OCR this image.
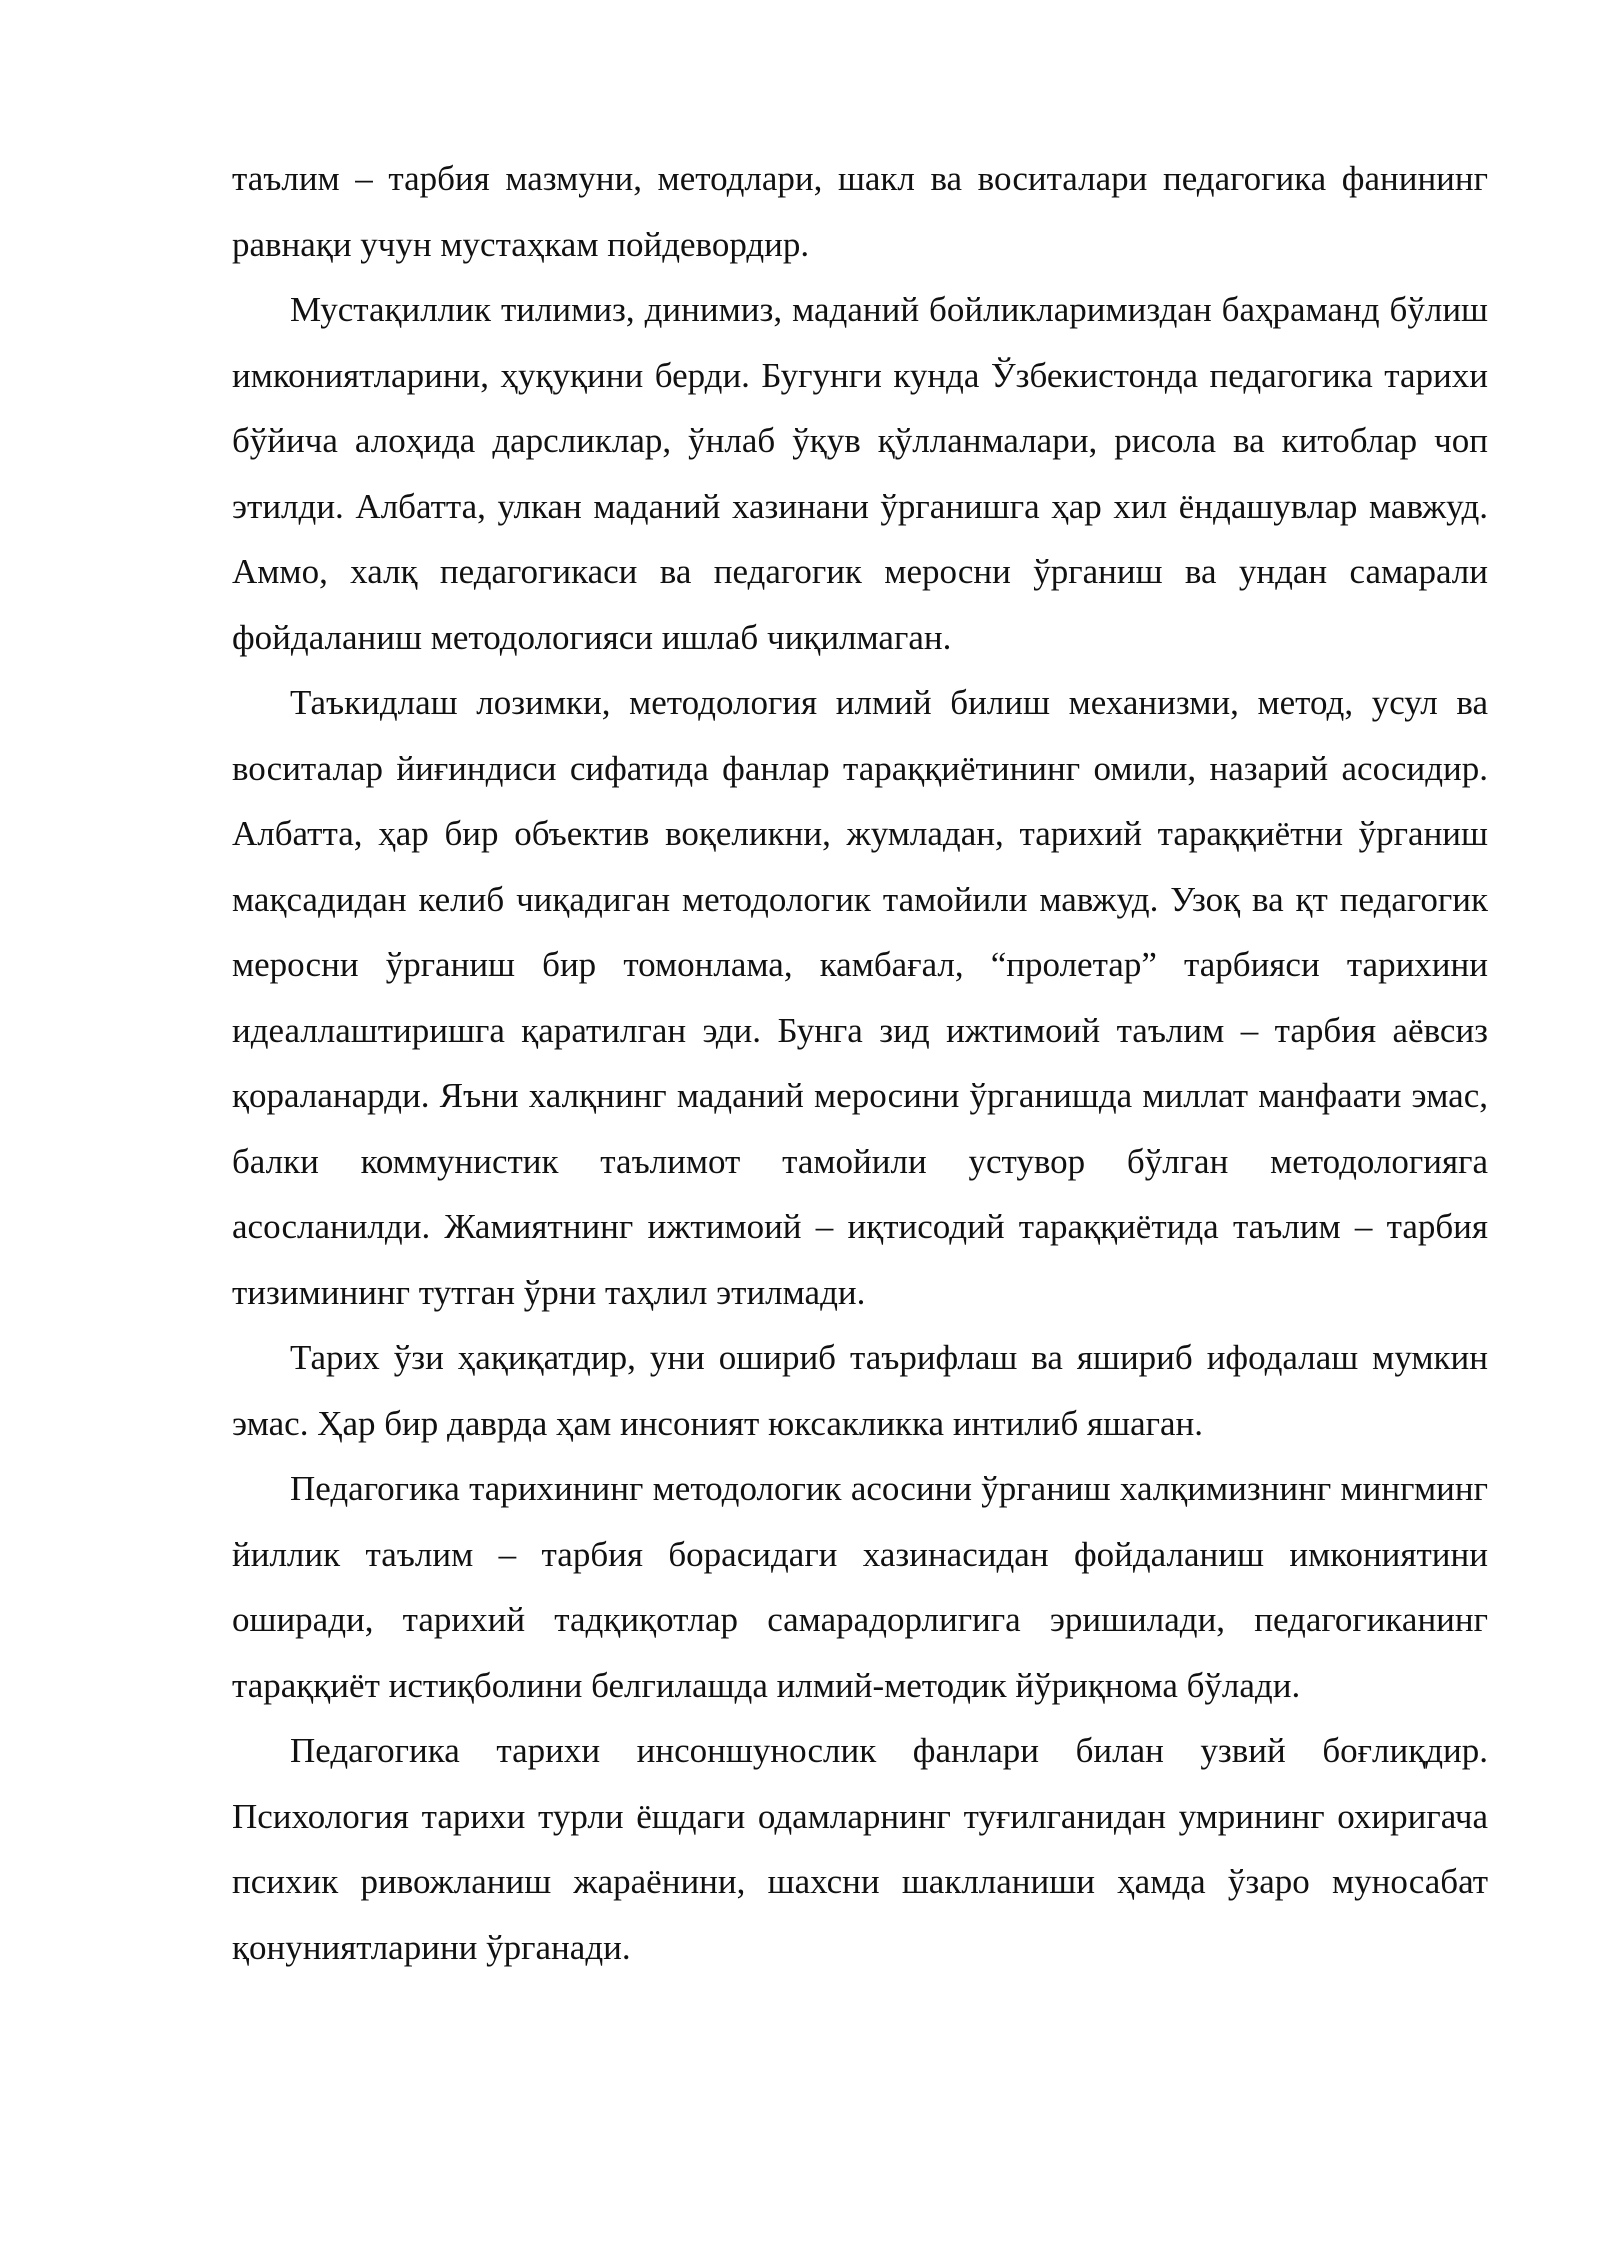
таълим – тарбия мазмуни, методлари, шакл ва воситалари педагогика фанининг равнақи учун мустаҳкам пойдевордир.

Мустақиллик тилимиз, динимиз, маданий бойликларимиздан баҳраманд бўлиш имкониятларини, ҳуқуқини берди. Бугунги кунда Ўзбекистонда педагогика тарихи бўйича алоҳида дарсликлар, ўнлаб ўқув қўлланмалари, рисола ва китоблар чоп этилди. Албатта, улкан маданий хазинани ўрганишга ҳар хил ёндашувлар мавжуд. Аммо, халқ педагогикаси ва педагогик меросни ўрганиш ва ундан самарали фойдаланиш методологияси ишлаб чиқилмаган.

Таъкидлаш лозимки, методология илмий билиш механизми, метод, усул ва воситалар йиғиндиси сифатида фанлар тараққиётининг омили, назарий асосидир. Албатта, ҳар бир объектив воқеликни, жумладан, тарихий тараққиётни ўрганиш мақсадидан келиб чиқадиган методологик тамойили мавжуд. Узоқ ва қт педагогик меросни ўрганиш бир томонлама, камбағал, “пролетар” тарбияси тарихини идеаллаштиришга қаратилган эди. Бунга зид ижтимоий таълим – тарбия аёвсиз қораланарди. Яъни халқнинг маданий меросини ўрганишда миллат манфаати эмас, балки коммунистик таълимот тамойили устувор бўлган методологияга асосланилди. Жамиятнинг ижтимоий – иқтисодий тараққиётида таълим – тарбия тизимининг тутган ўрни таҳлил этилмади.

Тарих ўзи ҳақиқатдир, уни ошириб таърифлаш ва яшириб ифодалаш мумкин эмас. Ҳар бир даврда ҳам инсоният юксакликка интилиб яшаган.

Педагогика тарихининг методологик асосини ўрганиш халқимизнинг мингминг йиллик таълим – тарбия борасидаги хазинасидан фойдаланиш имкониятини оширади, тарихий тадқиқотлар самарадорлигига эришилади, педагогиканинг тараққиёт истиқболини белгилашда илмий-методик йўриқнома бўлади.

Педагогика тарихи инсоншунослик фанлари билан узвий боғлиқдир. Психология тарихи турли ёшдаги одамларнинг туғилганидан умрининг охиригача психик ривожланиш жараёнини, шахсни шаклланиши ҳамда ўзаро муносабат қонуниятларини ўрганади.
